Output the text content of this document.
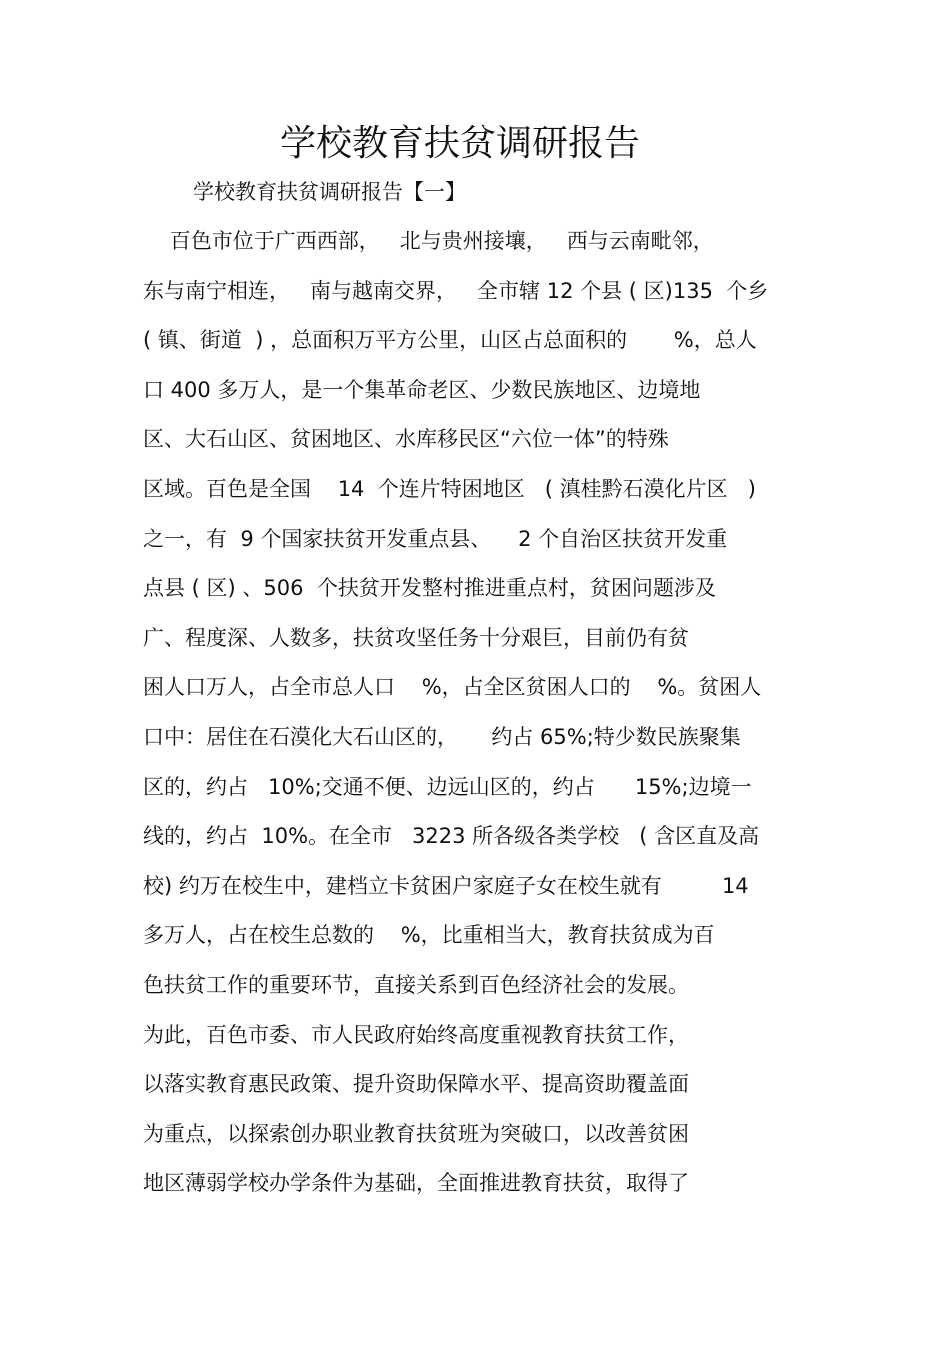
学校教育扶贫调研报告
学校教育扶贫调研报告【一】
百色市位于广西西部，   北与贵州接壤，   西与云南毗邻，
东与南宁相连，   南与越南交界，   全市辖 12 个县 ( 区)135  个乡
( 镇、街道  ) ，总面积万平方公里，山区占总面积的       %，总人
口 400 多万人，是一个集革命老区、少数民族地区、边境地
区、大石山区、贫困地区、水库移民区“六位一体”的特殊
区域。百色是全国    14  个连片特困地区   ( 滇桂黔石漠化片区   )
之一，有  9 个国家扶贫开发重点县、    2 个自治区扶贫开发重
点县 ( 区) 、506  个扶贫开发整村推进重点村，贫困问题涉及
广、程度深、人数多，扶贫攻坚任务十分艰巨，目前仍有贫
困人口万人，占全市总人口    %，占全区贫困人口的    %。贫困人
口中：居住在石漠化大石山区的，     约占 65%;特少数民族聚集
区的，约占   10%;交通不便、边远山区的，约占      15%;边境一
线的，约占  10%。在全市   3223 所各级各类学校   ( 含区直及高
校) 约万在校生中，建档立卡贫困户家庭子女在校生就有         14
多万人，占在校生总数的    %，比重相当大，教育扶贫成为百
色扶贫工作的重要环节，直接关系到百色经济社会的发展。
为此，百色市委、市人民政府始终高度重视教育扶贫工作，
以落实教育惠民政策、提升资助保障水平、提高资助覆盖面
为重点，以探索创办职业教育扶贫班为突破口，以改善贫困
地区薄弱学校办学条件为基础，全面推进教育扶贫，取得了
